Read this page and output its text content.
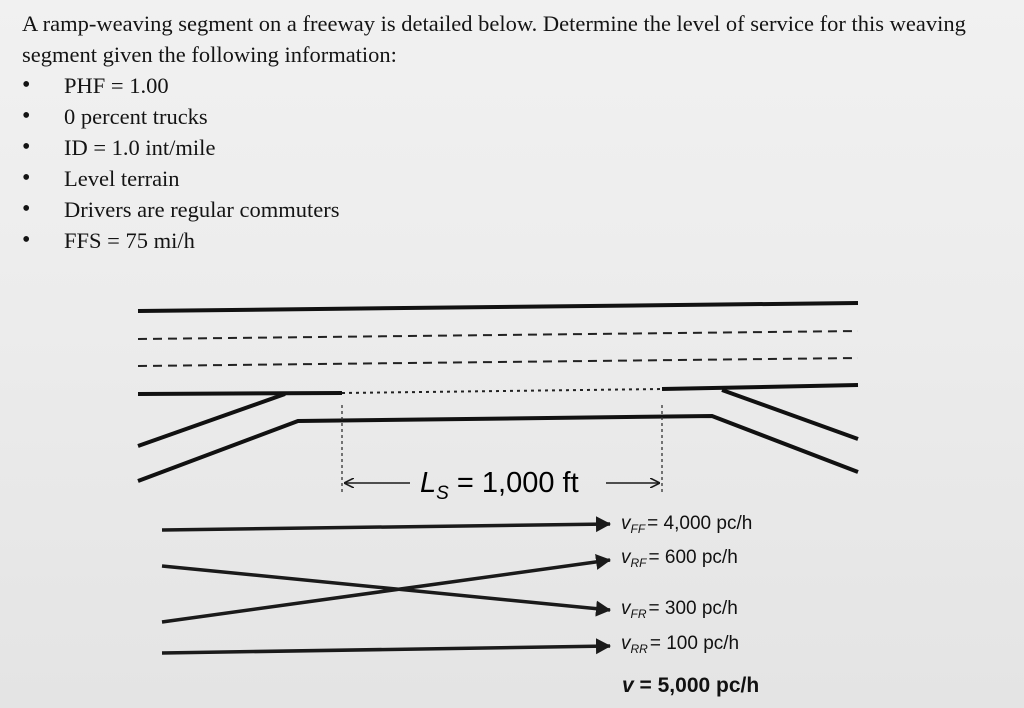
A ramp-weaving segment on a freeway is detailed below. Determine the level of service for this weaving segment given the following information:

• PHF = 1.00
• 0 percent trucks
• ID = 1.0 int/mile
• Level terrain
• Drivers are regular commuters
• FFS = 75 mi/h
$L_S = 1,000$ ft
$v_{FF} = 4,000$ pc/h
$v_{RF} = 600$ pc/h
$v_{FR} = 300$ pc/h
$v_{RR} = 100$ pc/h
v = 5,000 pc/h
